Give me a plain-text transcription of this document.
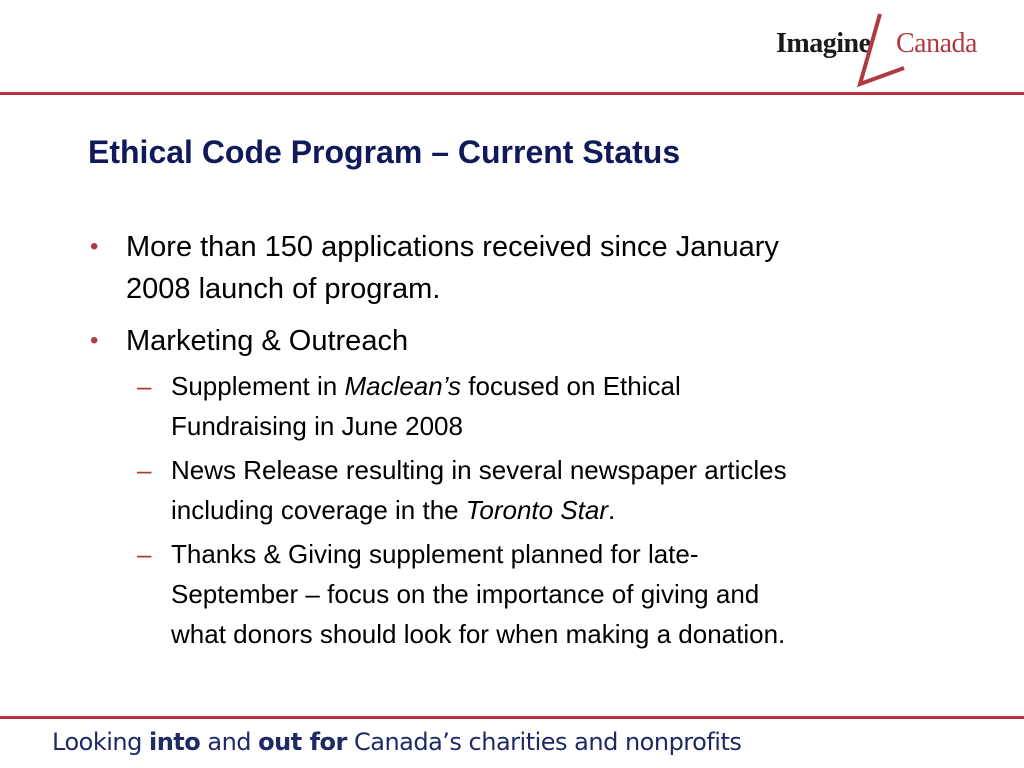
Imagine Canada
Ethical Code Program – Current Status
• More than 150 applications received since January
2008 launch of program.
• Marketing & Outreach
– Supplement in Maclean’s focused on Ethical
Fundraising in June 2008
– News Release resulting in several newspaper articles
including coverage in the Toronto Star.
– Thanks & Giving supplement planned for late-
September – focus on the importance of giving and
what donors should look for when making a donation.
Looking into and out for Canada’s charities and nonprofits
